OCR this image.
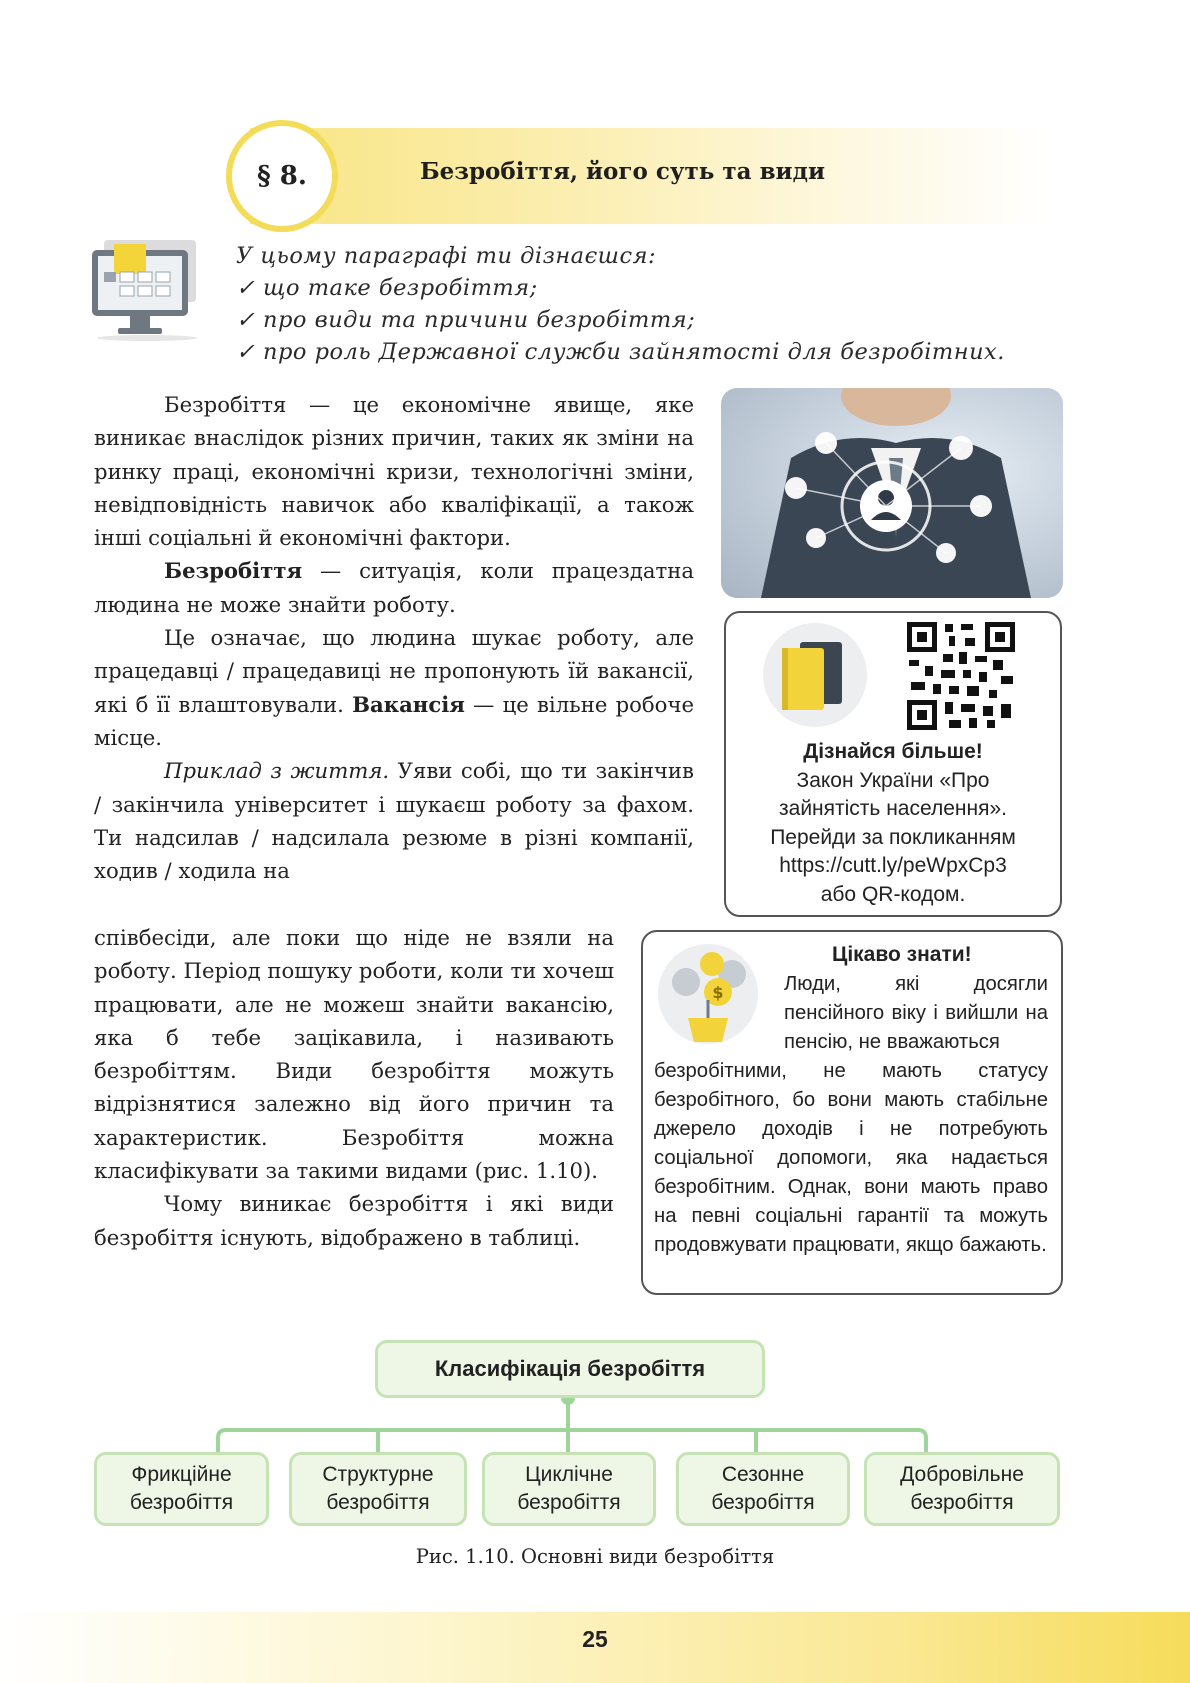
§ 8.	Безробіття, його суть та види
У цьому параграфі ти дізнаєшся:
✓ що таке безробіття;
✓ про види та причини безробіття;
✓ про роль Державної служби зайнятості для безробітних.

Безробіття — це економічне явище, яке виникає внаслідок різних причин, таких як зміни на ринку праці, економічні кризи, технологічні зміни, невідповідність навичок або кваліфікації, а також інші соціальні й економічні фактори.

Безробіття — ситуація, коли працездатна людина не може знайти роботу.

Це означає, що людина шукає роботу, але працедавці / працедавиці не пропонують їй вакансії, які б її влаштовували. Вакансія — це вільне робоче місце.

Приклад з життя. Уяви собі, що ти закінчив / закінчила університет і шукаєш роботу за фахом. Ти надсилав / надсилала резюме в різні компанії, ходив / ходила на

співбесіди, але поки що ніде не взяли на роботу. Період пошуку роботи, коли ти хочеш працювати, але не можеш знайти вакансію, яка б тебе зацікавила, і називають безробіттям. Види безробіття можуть відрізнятися залежно від його причин та характеристик. Безробіття можна класифікувати за такими видами (рис. 1.10).

Чому виникає безробіття і які види безробіття існують, відображено в таблиці.

Дізнайся більше!
Закон України «Про
зайнятість населення».
Перейди за покликанням
https://cutt.ly/peWpxCp3
або QR-кодом.
$
Цікаво знати!
Люди, які досягли пенсійного віку і вийшли на пенсію, не вважаються
безробітними, не мають статусу безробітного, бо вони мають стабільне джерело доходів і не потребують соціальної допомоги, яка надається безробітним. Однак, вони мають право на певні соціальні гарантії та можуть продовжувати працювати, якщо бажають.
Класифікація безробіття
Фрикційне безробіття
Структурне безробіття
Циклічне безробіття
Сезонне безробіття
Добровільне безробіття
Рис. 1.10. Основні види безробіття
25
